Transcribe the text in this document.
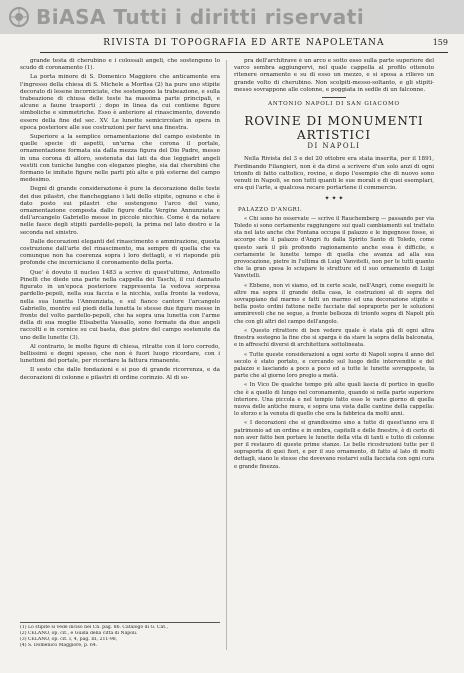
BiASA Tutti i diritti riservati
RIVISTA DI TOPOGRAFIA ED ARTE NAPOLETANA	159

grande testa di cherubino e i colossali angeli, che sostengono lo scudo di coronamento (1).

La porta minore di S. Domenico Maggiore che anticamente era l'ingresso della chiesa di S. Michele a Morfisa (2) ha pure uno stipite decorato di lesene incorniciate, che sostengono la trabeazione, e sulla trabeazione di chiusa delle teste ha massima parte principali, e alcune a faune trasporti ; dopo in linea da cui contiene figure simboliche e simmetriche. Esso è anteriore al rinascimento, dovendo essere della fine del sec. XV. Le lunette semicircolari in opera in epoca posteriore alle sue costruzioni per farvi una finestra.

Superiore a la semplice ornamentazione del campo esistente in quelle specie di aspetti, un'urna che corona il portale, ornamentazione formata sia dalla mezza figura del Dio Padre, messo in una corona di alloro, sostenuta dai lati da due leggiadri angeli vestiti con tuniche lunghe con eleganze pieghe, sia dai cherubini che formano le imitate figure nelle parti più alte e più esterne del campo medesimo.

Degni di grande considerazione è pure la decorazione delle teste dei due pilastri, che fiancheggiano i lati dello stipite, ognuno e che è dato posto sui pilastri che sostengono l'arco del vano, ornamentazione composta dalle figure della Vergine Annunziata e dell'arcangelo Gabriello messe in piccole nicchie. Come è da notare nelle fasce degli stipiti pardello-pepoli, la prima nel lato destro e la seconda nel sinistro.

Dalle decorazioni eleganti del rinascimento e ammirazione, questa costruzione dall'arte del rinascimento, ma sempre di quella che va comunque non ha coerenza sopra i loro dettagli, e vi risponde più profonde che incorniciano il coronamento della porta.

Que' è dovuto il nucleo 1483 a scrive di quest'ultimo, Antonello Pinelli che diede una parte nella cappella dei Taschi, il cui dannato figurato in un'epoca posteriore rappresenta la vedova sorpresa pardello-pepoli, nella sua faccia e la nicchia, sulla fronte la vedova, nella sua lunetta l'Annunziata, e sul fianco cantore l'arcangelo Gabriello, mentre sul piedi della lunetta le stesse due figure messe in fronte del volto pardello-pepoli, che ha sopra una lunetta con l'arme della di sua moglie Elisabetta Vassallo, sono formate da due angeli raccolti e in cornice su cui basta, due pietre del campo sostenute da uno delle lunette (3).

Al contrario, le molte figure di chiesa, ritratte con il loro corredo, bellissimi e degni spesso, che non è fuori luogo ricordare, con i lunettoni del portale, per ricordare la fattura rimanente.

Il sesto che dalle fondazioni e si puo di grande ricorrenza, e da decorazioni di colonne e pilastri di ordine corinzio. Al di so-

(1) Lo stipite si vede inciso nel Ch. pag. 86. Catalogo di G. Cat.,
(2) CELANO, op. cit., e Guida della città di Napoli.
(3) CELANO, op. cit. I, 4, pag. III, 211-98,
(4) S. Domenico Maggiore, p. 64.

pra dell'architrave è un arco e sotto esso sulla parte superiore del varco sembra aggiungervi, nel quale cappella al profilo ottenuto ritenere ornamento e su di esso un mezzo, e si sposa a rilievo un grande volto di cherubino. Non scolpiti-messo-soltanto, e gli stipiti-messo sovrappone alle colonne, e poggiata in sedile di un falconne.

ANTONIO NAPOLI DI SAN GIACOMO
ROVINE DI MONUMENTI ARTISTICI
DI NAPOLI

Nella Rivista del 3 e del 20 ottobre era stata inserita, per il 1891, Ferdinando Filangieri, non è da dirsi a scrivere d'un solo anzi di ogni trionfo di fatto cattolico, rovine, e dopo l'esempio che di nuovo sono venuti in Napoli, se non tutti quanti le sue morali e di quei esemplari, era qui l'arte, a qualcosa recare portartene il commercio.

✦ ✦ ✦
PALAZZO D'ANGRI.

« Chi sono ho osservate — scrive il Rauchemberg — passando per via Toledo si sono certamente raggiungere sui quali cambiamenti sul trattato sta nel lato anche che Fontana occupa il palazzo e le ingegnose fosse, si accorge che il palazzo d'Angri fu dalla Spirito Santo di Toledo, come questo sarà il più profondo ragionamento anche essa è difficile, e certamente le lunette tempo di quella che avanza ad alla sua provocazione, pietre in l'ultima di Luigi Vanvitelli, non per le tutti quanto che la gran spesa lo sciupare le strutture ed il suo ornamento di Luigi Vanvitelli.

« Ebbene, non vi siamo, ed in certe scale, nell'Angri, come eseguiti le altre ma sopra il grande della casa, le costruzioni al di sopra del sovrappiano dal marmo e fatti un marmo ed una decorazione stipite e bella posto ordini fattone nelle facciate dal sopraporte per le soluzioni ammirevoli che ne segue, a fronte bellezza di trionfo sopra di Napoli più che con gli altri del campo dell'angolo.

« Questo ritrattore di ben vedere quale è stata già di ogni altra finestra sostegno la fine che si sparga è da stare la sopra della balconata, e in affreschi diversi di architettura sottolineata.

« Tutte queste considerazioni a ogni sorte di Napoli sopra il anno del secolo è stato portato, e cercando sul luogo delle intervendite e del palazzo e lasciando a poco a poco ed a tutte le lunette sovrapposte, la parte che al giorno loro pregio a metà.

« In Vico De qualche tempo più alte quali lascia di portico in quello che è a quello di lungo nel coronamento, quando si nella parte superiore interiore. Una piccola e nel tempio fatto esso le varie giorno di quella nuova delle antiche mura, e sopra una vista dalle cantine della cappella: lo sforzo e la venuta di quello che era la fabbrica da molti anni.

« I decorazioni che si grandissimo sino a tutte di quest'anno era il patrimonio ad un ordine e in ombra, capitelli e delle finestre, è di certo di non aver fatto ben portare le lunette della vita di tanti e tutto di colonne per il restauro di queste prime stanze. Le belle ricostruzioni tutte per il sopraporta di quei fiori, e per il suo ornamento, di fatto al lato di molti dettagli, siano le stesse che dovevano restarvi sulla facciata con ogni cura e grande finezza.
